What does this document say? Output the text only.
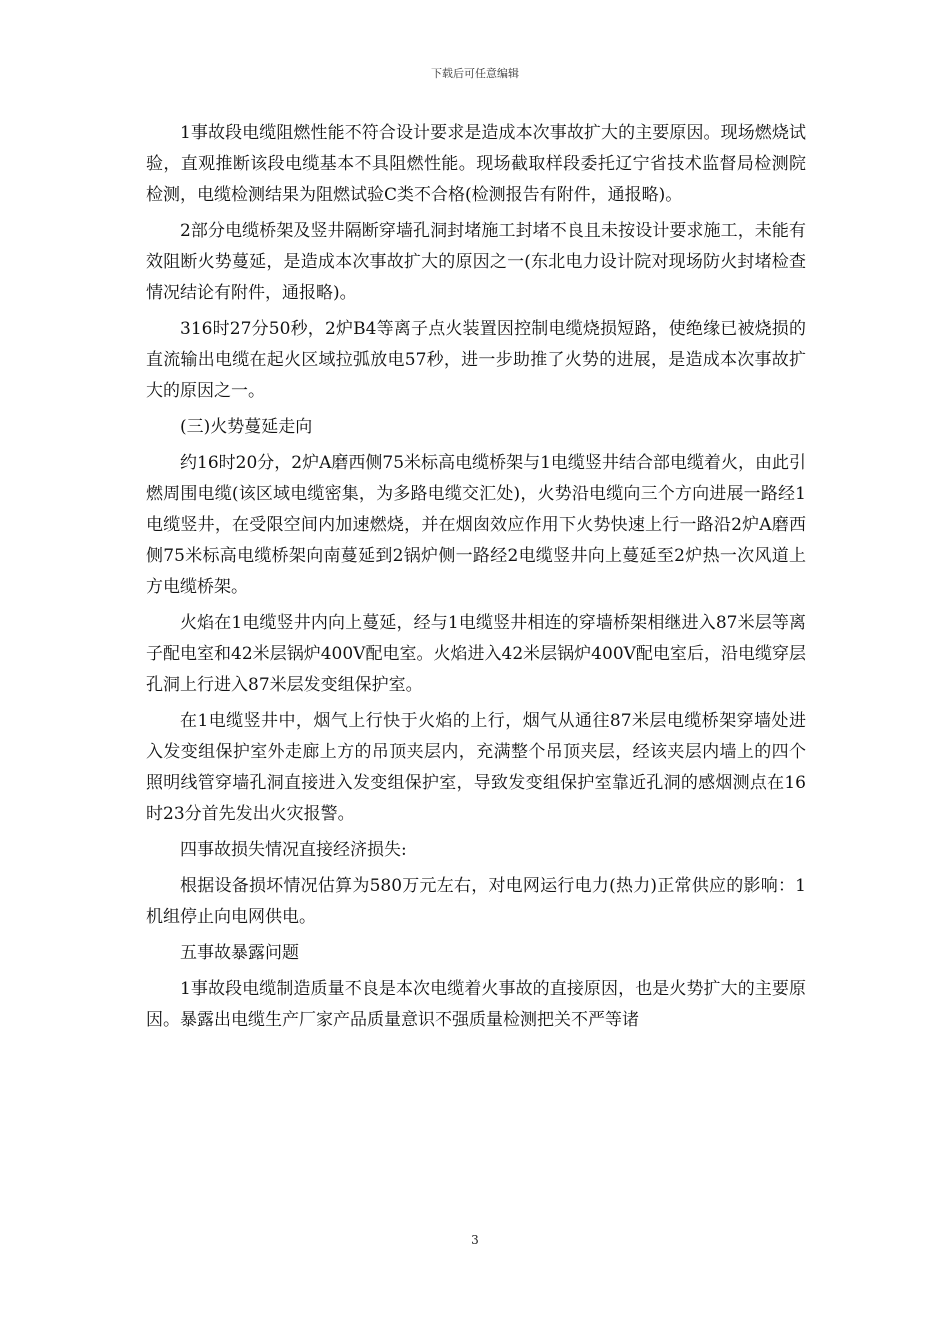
下载后可任意编辑

1事故段电缆阻燃性能不符合设计要求是造成本次事故扩大的主要原因。现场燃烧试验，直观推断该段电缆基本不具阻燃性能。现场截取样段委托辽宁省技术监督局检测院检测，电缆检测结果为阻燃试验C类不合格(检测报告有附件，通报略)。

2部分电缆桥架及竖井隔断穿墙孔洞封堵施工封堵不良且未按设计要求施工，未能有效阻断火势蔓延，是造成本次事故扩大的原因之一(东北电力设计院对现场防火封堵检查情况结论有附件，通报略)。

316时27分50秒，2炉B4等离子点火装置因控制电缆烧损短路，使绝缘已被烧损的直流输出电缆在起火区域拉弧放电57秒，进一步助推了火势的进展，是造成本次事故扩大的原因之一。

(三)火势蔓延走向

约16时20分，2炉A磨西侧75米标高电缆桥架与1电缆竖井结合部电缆着火，由此引燃周围电缆(该区域电缆密集，为多路电缆交汇处)，火势沿电缆向三个方向进展一路经1电缆竖井，在受限空间内加速燃烧，并在烟囱效应作用下火势快速上行一路沿2炉A磨西侧75米标高电缆桥架向南蔓延到2锅炉侧一路经2电缆竖井向上蔓延至2炉热一次风道上方电缆桥架。

火焰在1电缆竖井内向上蔓延，经与1电缆竖井相连的穿墙桥架相继进入87米层等离子配电室和42米层锅炉400V配电室。火焰进入42米层锅炉400V配电室后，沿电缆穿层孔洞上行进入87米层发变组保护室。

在1电缆竖井中，烟气上行快于火焰的上行，烟气从通往87米层电缆桥架穿墙处进入发变组保护室外走廊上方的吊顶夹层内，充满整个吊顶夹层，经该夹层内墙上的四个照明线管穿墙孔洞直接进入发变组保护室，导致发变组保护室靠近孔洞的感烟测点在16时23分首先发出火灾报警。

四事故损失情况直接经济损失:

根据设备损坏情况估算为580万元左右，对电网运行电力(热力)正常供应的影响：1机组停止向电网供电。

五事故暴露问题

1事故段电缆制造质量不良是本次电缆着火事故的直接原因，也是火势扩大的主要原因。暴露出电缆生产厂家产品质量意识不强质量检测把关不严等诸

3
